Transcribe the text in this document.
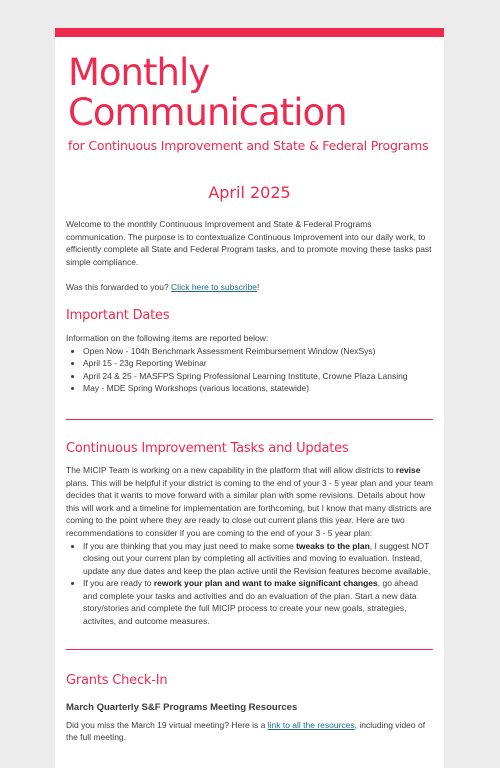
Monthly
Communication
for Continuous Improvement and State & Federal Programs
April 2025

Welcome to the monthly Continuous Improvement and State & Federal Programs communication. The purpose is to contextualize Continuous Improvement into our daily work, to efficiently complete all State and Federal Program tasks, and to promote moving these tasks past simple compliance.

Was this forwarded to you? Click here to subscribe!

Important Dates

Information on the following items are reported below:

• Open Now - 104h Benchmark Assessment Reimbursement Window (NexSys)
• April 15 - 23g Reporting Webinar
• April 24 & 25 - MASFPS Spring Professional Learning Institute, Crowne Plaza Lansing
• May - MDE Spring Workshops (various locations, statewide)
Continuous Improvement Tasks and Updates

The MICIP Team is working on a new capability in the platform that will allow districts to revise plans. This will be helpful if your district is coming to the end of your 3 - 5 year plan and your team decides that it wants to move forward with a similar plan with some revisions. Details about how this will work and a timeline for implementation are forthcoming, but I know that many districts are coming to the point where they are ready to close out current plans this year. Here are two recommendations to consider if you are coming to the end of your 3 - 5 year plan:

• If you are thinking that you may just need to make some tweaks to the plan, I suggest NOT closing out your current plan by completing all activities and moving to evaluation. Instead, update any due dates and keep the plan active until the Revision features become available.
• If you are ready to rework your plan and want to make significant changes, go ahead and complete your tasks and activities and do an evaluation of the plan. Start a new data story/stories and complete the full MICIP process to create your new goals, strategies, activites, and outcome measures.
Grants Check-In
March Quarterly S&F Programs Meeting Resources

Did you miss the March 19 virtual meeting? Here is a link to all the resources, including video of the full meeting.
